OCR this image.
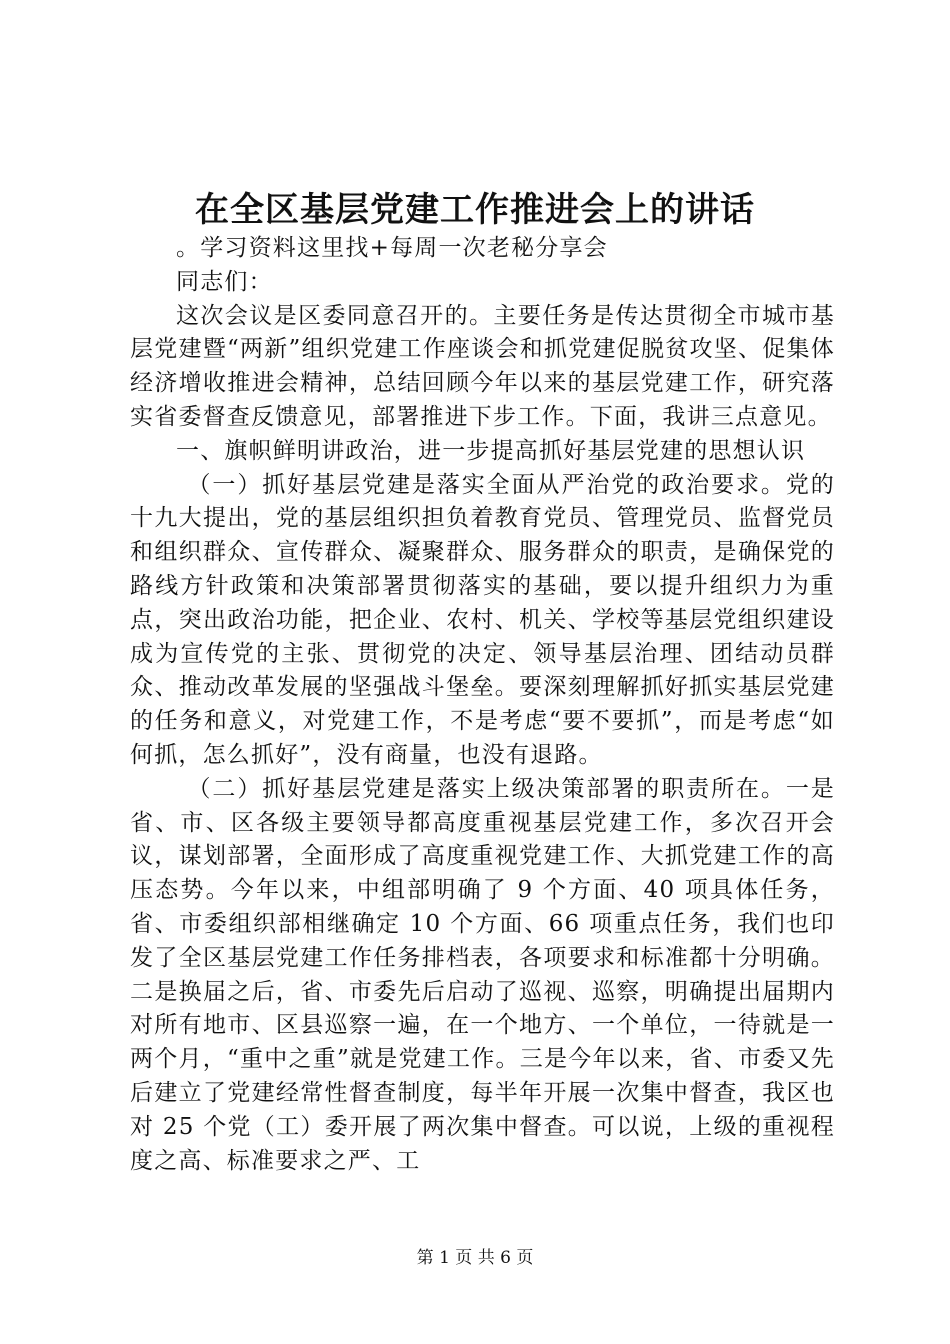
在全区基层党建工作推进会上的讲话

。学习资料这里找+每周一次老秘分享会

同志们：

这次会议是区委同意召开的。主要任务是传达贯彻全市城市基层党建暨“两新”组织党建工作座谈会和抓党建促脱贫攻坚、促集体经济增收推进会精神，总结回顾今年以来的基层党建工作，研究落实省委督查反馈意见，部署推进下步工作。下面，我讲三点意见。

一、旗帜鲜明讲政治，进一步提高抓好基层党建的思想认识

（一）抓好基层党建是落实全面从严治党的政治要求。党的十九大提出，党的基层组织担负着教育党员、管理党员、监督党员和组织群众、宣传群众、凝聚群众、服务群众的职责，是确保党的路线方针政策和决策部署贯彻落实的基础，要以提升组织力为重点，突出政治功能，把企业、农村、机关、学校等基层党组织建设成为宣传党的主张、贯彻党的决定、领导基层治理、团结动员群众、推动改革发展的坚强战斗堡垒。要深刻理解抓好抓实基层党建的任务和意义，对党建工作，不是考虑“要不要抓”，而是考虑“如何抓，怎么抓好”，没有商量，也没有退路。

（二）抓好基层党建是落实上级决策部署的职责所在。一是省、市、区各级主要领导都高度重视基层党建工作，多次召开会议，谋划部署，全面形成了高度重视党建工作、大抓党建工作的高压态势。今年以来，中组部明确了 9 个方面、40 项具体任务，省、市委组织部相继确定 10 个方面、66 项重点任务，我们也印发了全区基层党建工作任务排档表，各项要求和标准都十分明确。二是换届之后，省、市委先后启动了巡视、巡察，明确提出届期内对所有地市、区县巡察一遍，在一个地方、一个单位，一待就是一两个月，“重中之重”就是党建工作。三是今年以来，省、市委又先后建立了党建经常性督查制度，每半年开展一次集中督查，我区也对 25 个党（工）委开展了两次集中督查。可以说，上级的重视程度之高、标准要求之严、工

第 1 页 共 6 页
